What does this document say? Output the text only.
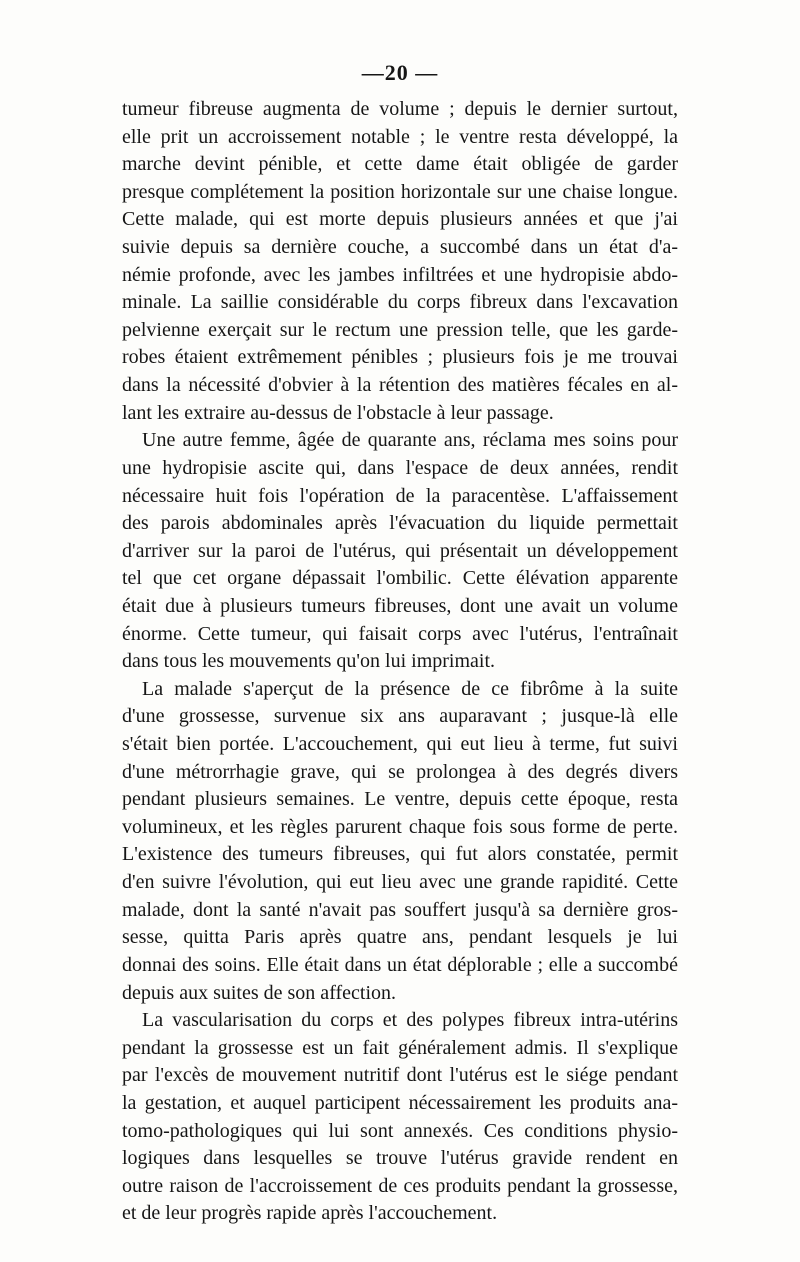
—20 —
tumeur fibreuse augmenta de volume ; depuis le dernier surtout,
elle prit un accroissement notable ; le ventre resta développé, la
marche devint pénible, et cette dame était obligée de garder
presque complétement la position horizontale sur une chaise longue.
Cette malade, qui est morte depuis plusieurs années et que j'ai
suivie depuis sa dernière couche, a succombé dans un état d'a-
némie profonde, avec les jambes infiltrées et une hydropisie abdo-
minale. La saillie considérable du corps fibreux dans l'excavation
pelvienne exerçait sur le rectum une pression telle, que les garde-
robes étaient extrêmement pénibles ; plusieurs fois je me trouvai
dans la nécessité d'obvier à la rétention des matières fécales en al-
lant les extraire au-dessus de l'obstacle à leur passage.
Une autre femme, âgée de quarante ans, réclama mes soins pour
une hydropisie ascite qui, dans l'espace de deux années, rendit
nécessaire huit fois l'opération de la paracentèse. L'affaissement
des parois abdominales après l'évacuation du liquide permettait
d'arriver sur la paroi de l'utérus, qui présentait un développement
tel que cet organe dépassait l'ombilic. Cette élévation apparente
était due à plusieurs tumeurs fibreuses, dont une avait un volume
énorme. Cette tumeur, qui faisait corps avec l'utérus, l'entraînait
dans tous les mouvements qu'on lui imprimait.
La malade s'aperçut de la présence de ce fibrôme à la suite
d'une grossesse, survenue six ans auparavant ; jusque-là elle
s'était bien portée. L'accouchement, qui eut lieu à terme, fut suivi
d'une métrorrhagie grave, qui se prolongea à des degrés divers
pendant plusieurs semaines. Le ventre, depuis cette époque, resta
volumineux, et les règles parurent chaque fois sous forme de perte.
L'existence des tumeurs fibreuses, qui fut alors constatée, permit
d'en suivre l'évolution, qui eut lieu avec une grande rapidité. Cette
malade, dont la santé n'avait pas souffert jusqu'à sa dernière gros-
sesse, quitta Paris après quatre ans, pendant lesquels je lui
donnai des soins. Elle était dans un état déplorable ; elle a succombé
depuis aux suites de son affection.
La vascularisation du corps et des polypes fibreux intra-utérins
pendant la grossesse est un fait généralement admis. Il s'explique
par l'excès de mouvement nutritif dont l'utérus est le siége pendant
la gestation, et auquel participent nécessairement les produits ana-
tomo-pathologiques qui lui sont annexés. Ces conditions physio-
logiques dans lesquelles se trouve l'utérus gravide rendent en
outre raison de l'accroissement de ces produits pendant la grossesse,
et de leur progrès rapide après l'accouchement.
